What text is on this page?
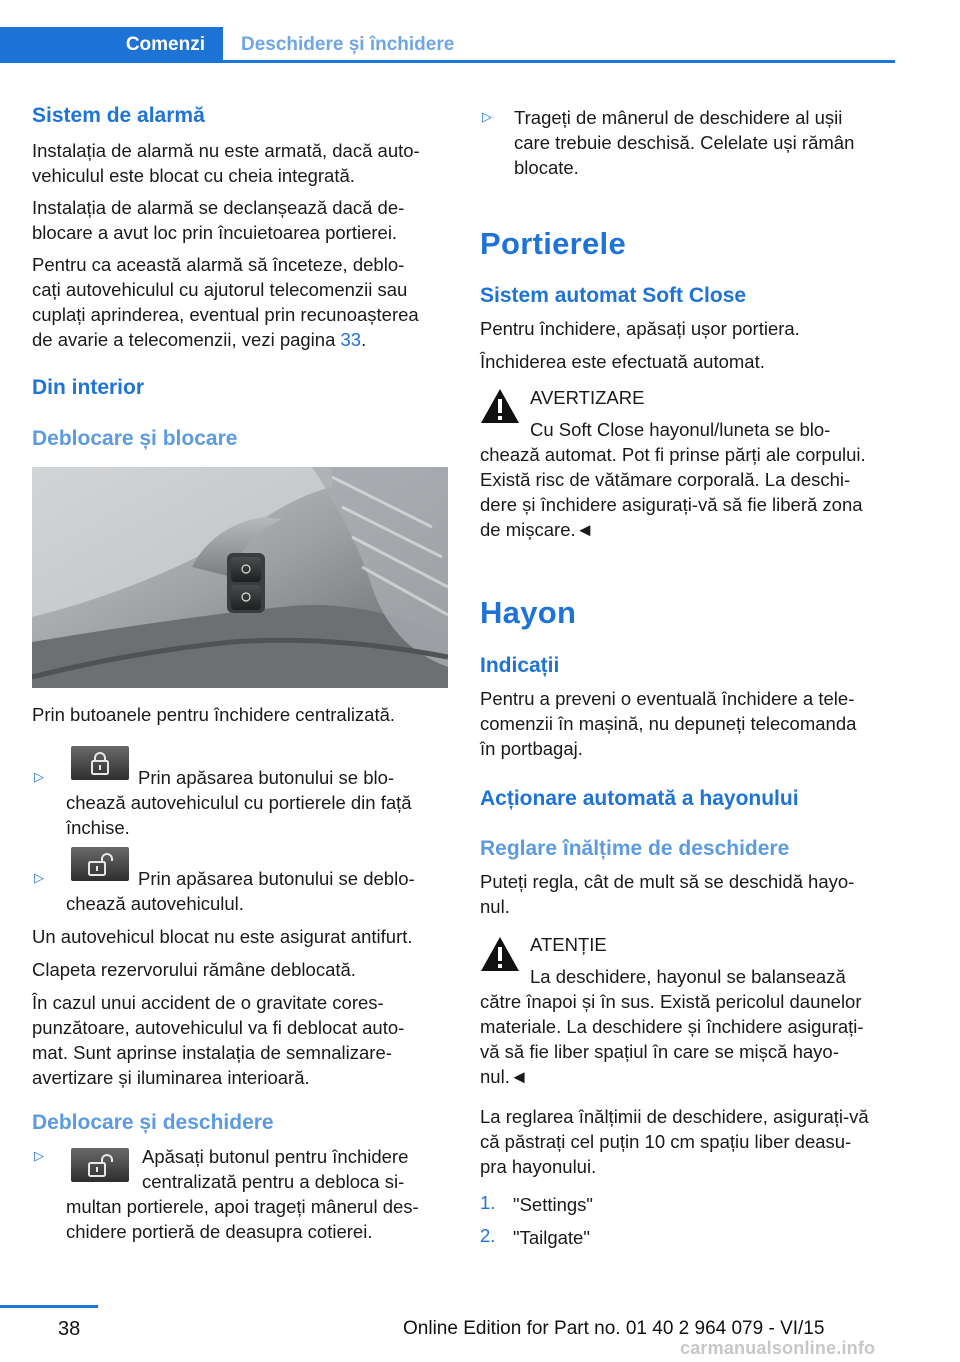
Comenzi	Deschidere și închidere
Sistem de alarmă
Instalația de alarmă nu este armată, dacă auto-
vehiculul este blocat cu cheia integrată.
Instalația de alarmă se declanșează dacă de-
blocare a avut loc prin încuietoarea portierei.
Pentru ca această alarmă să înceteze, deblo-
cați autovehiculul cu ajutorul telecomenzii sau
cuplați aprinderea, eventual prin recunoașterea
de avarie a telecomenzii, vezi pagina 33.
Din interior
Deblocare și blocare
Prin butoanele pentru închidere centralizată.
▷	Prin apăsarea butonului se blo-
chează autovehiculul cu portierele din față
închise.
▷	Prin apăsarea butonului se deblo-
chează autovehiculul.
Un autovehicul blocat nu este asigurat antifurt.
Clapeta rezervorului rămâne deblocată.
În cazul unui accident de o gravitate cores-
punzătoare, autovehiculul va fi deblocat auto-
mat. Sunt aprinse instalația de semnalizare-
avertizare și iluminarea interioară.
Deblocare și deschidere
▷	Apăsați butonul pentru închidere
centralizată pentru a debloca si-
multan portierele, apoi trageți mânerul des-
chidere portieră de deasupra cotierei.
▷ Trageți de mânerul de deschidere al ușii
care trebuie deschisă. Celelate uși rămân
blocate.
Portierele
Sistem automat Soft Close
Pentru închidere, apăsați ușor portiera.
Închiderea este efectuată automat.
AVERTIZARE
Cu Soft Close hayonul/luneta se blo-
chează automat. Pot fi prinse părți ale corpului.
Există risc de vătămare corporală. La deschi-
dere și închidere asigurați-vă să fie liberă zona
de mișcare.◄
Hayon
Indicații
Pentru a preveni o eventuală închidere a tele-
comenzii în mașină, nu depuneți telecomanda
în portbagaj.
Acționare automată a hayonului
Reglare înălțime de deschidere
Puteți regla, cât de mult să se deschidă hayo-
nul.
ATENȚIE
La deschidere, hayonul se balansează
către înapoi și în sus. Există pericolul daunelor
materiale. La deschidere și închidere asigurați-
vă să fie liber spațiul în care se mișcă hayo-
nul.◄
La reglarea înălțimii de deschidere, asigurați-vă
că păstrați cel puțin 10 cm spațiu liber deasu-
pra hayonului.
1. "Settings"
2. "Tailgate"
38	Online Edition for Part no. 01 40 2 964 079 - VI/15
carmanualsonline.info
